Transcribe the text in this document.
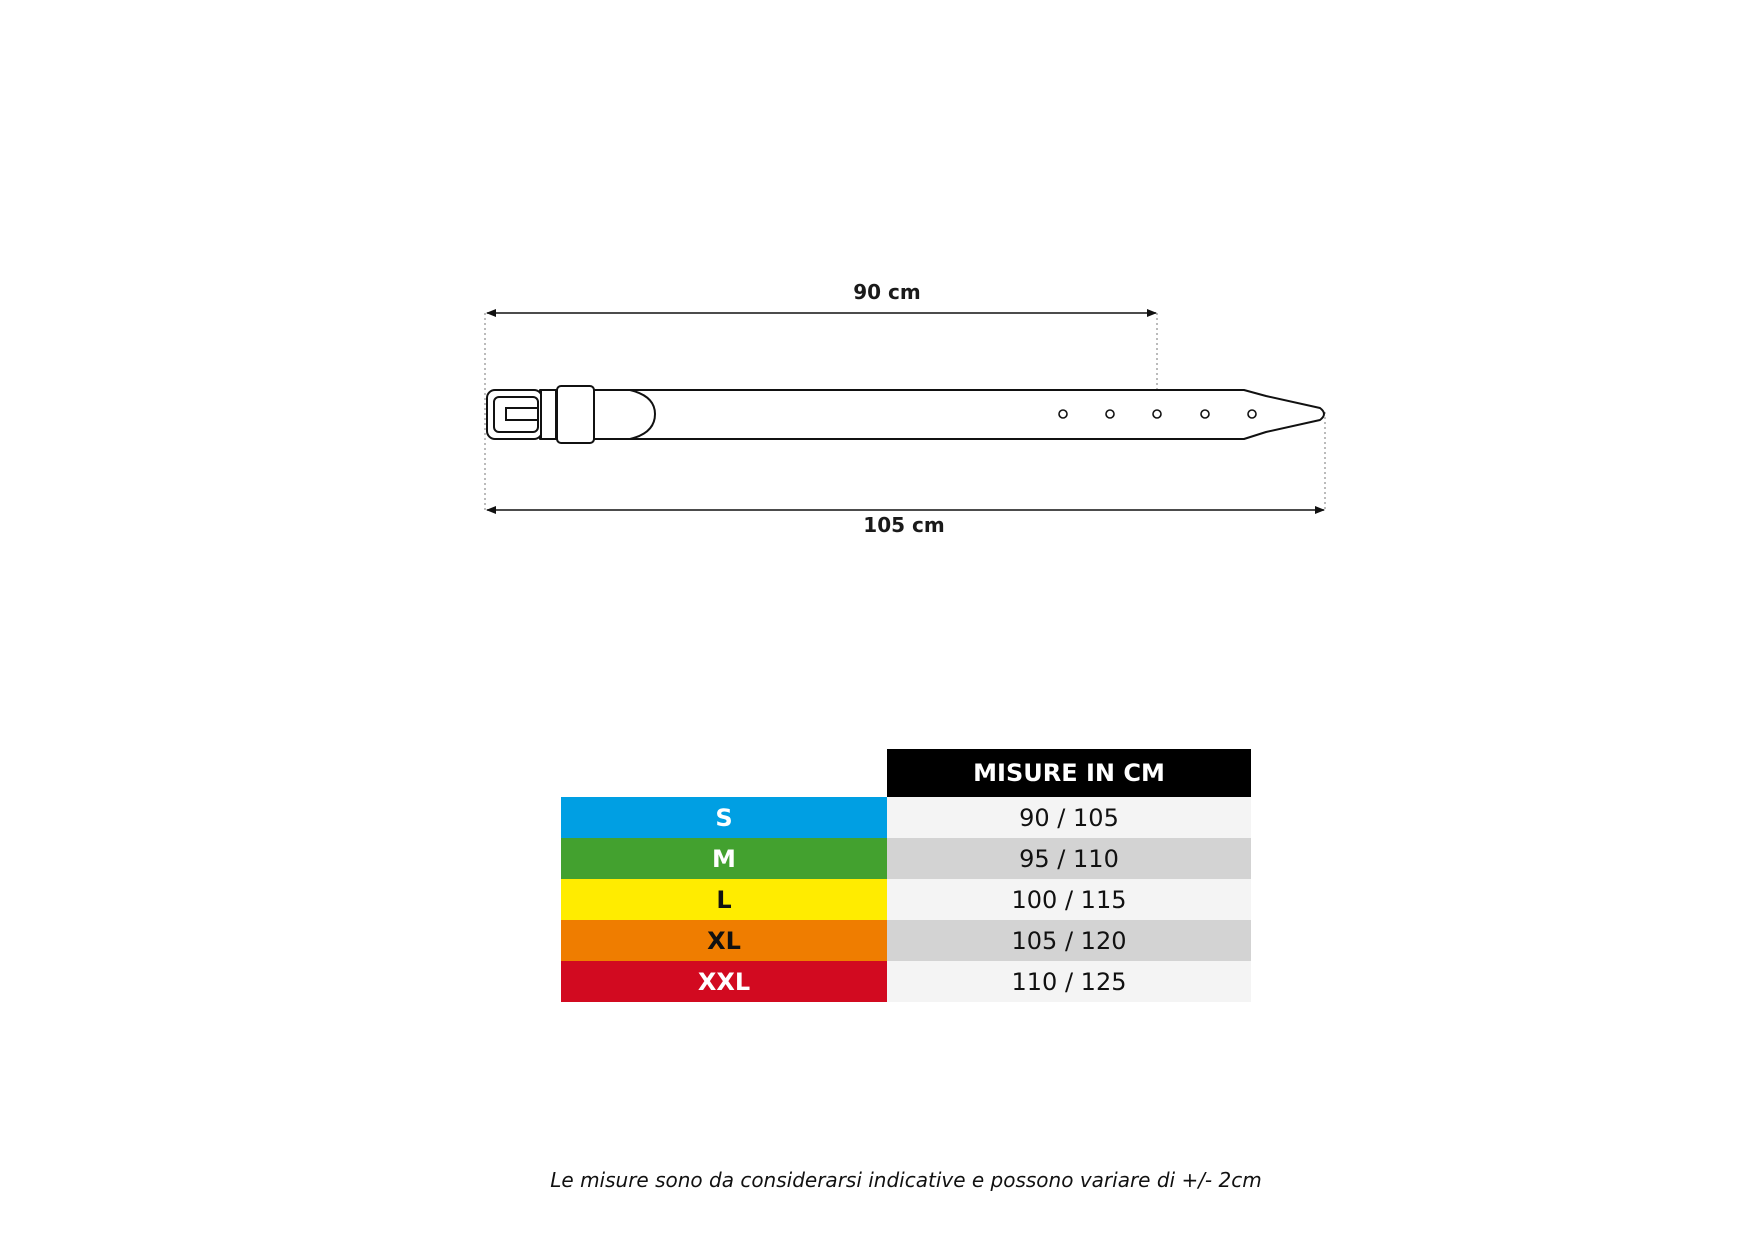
90 cm
105 cm
MISURE IN CM
S	90 / 105
M	95 / 110
L	100 / 115
XL	105 / 120
XXL	110 / 125
Le misure sono da considerarsi indicative e possono variare di +/- 2cm
